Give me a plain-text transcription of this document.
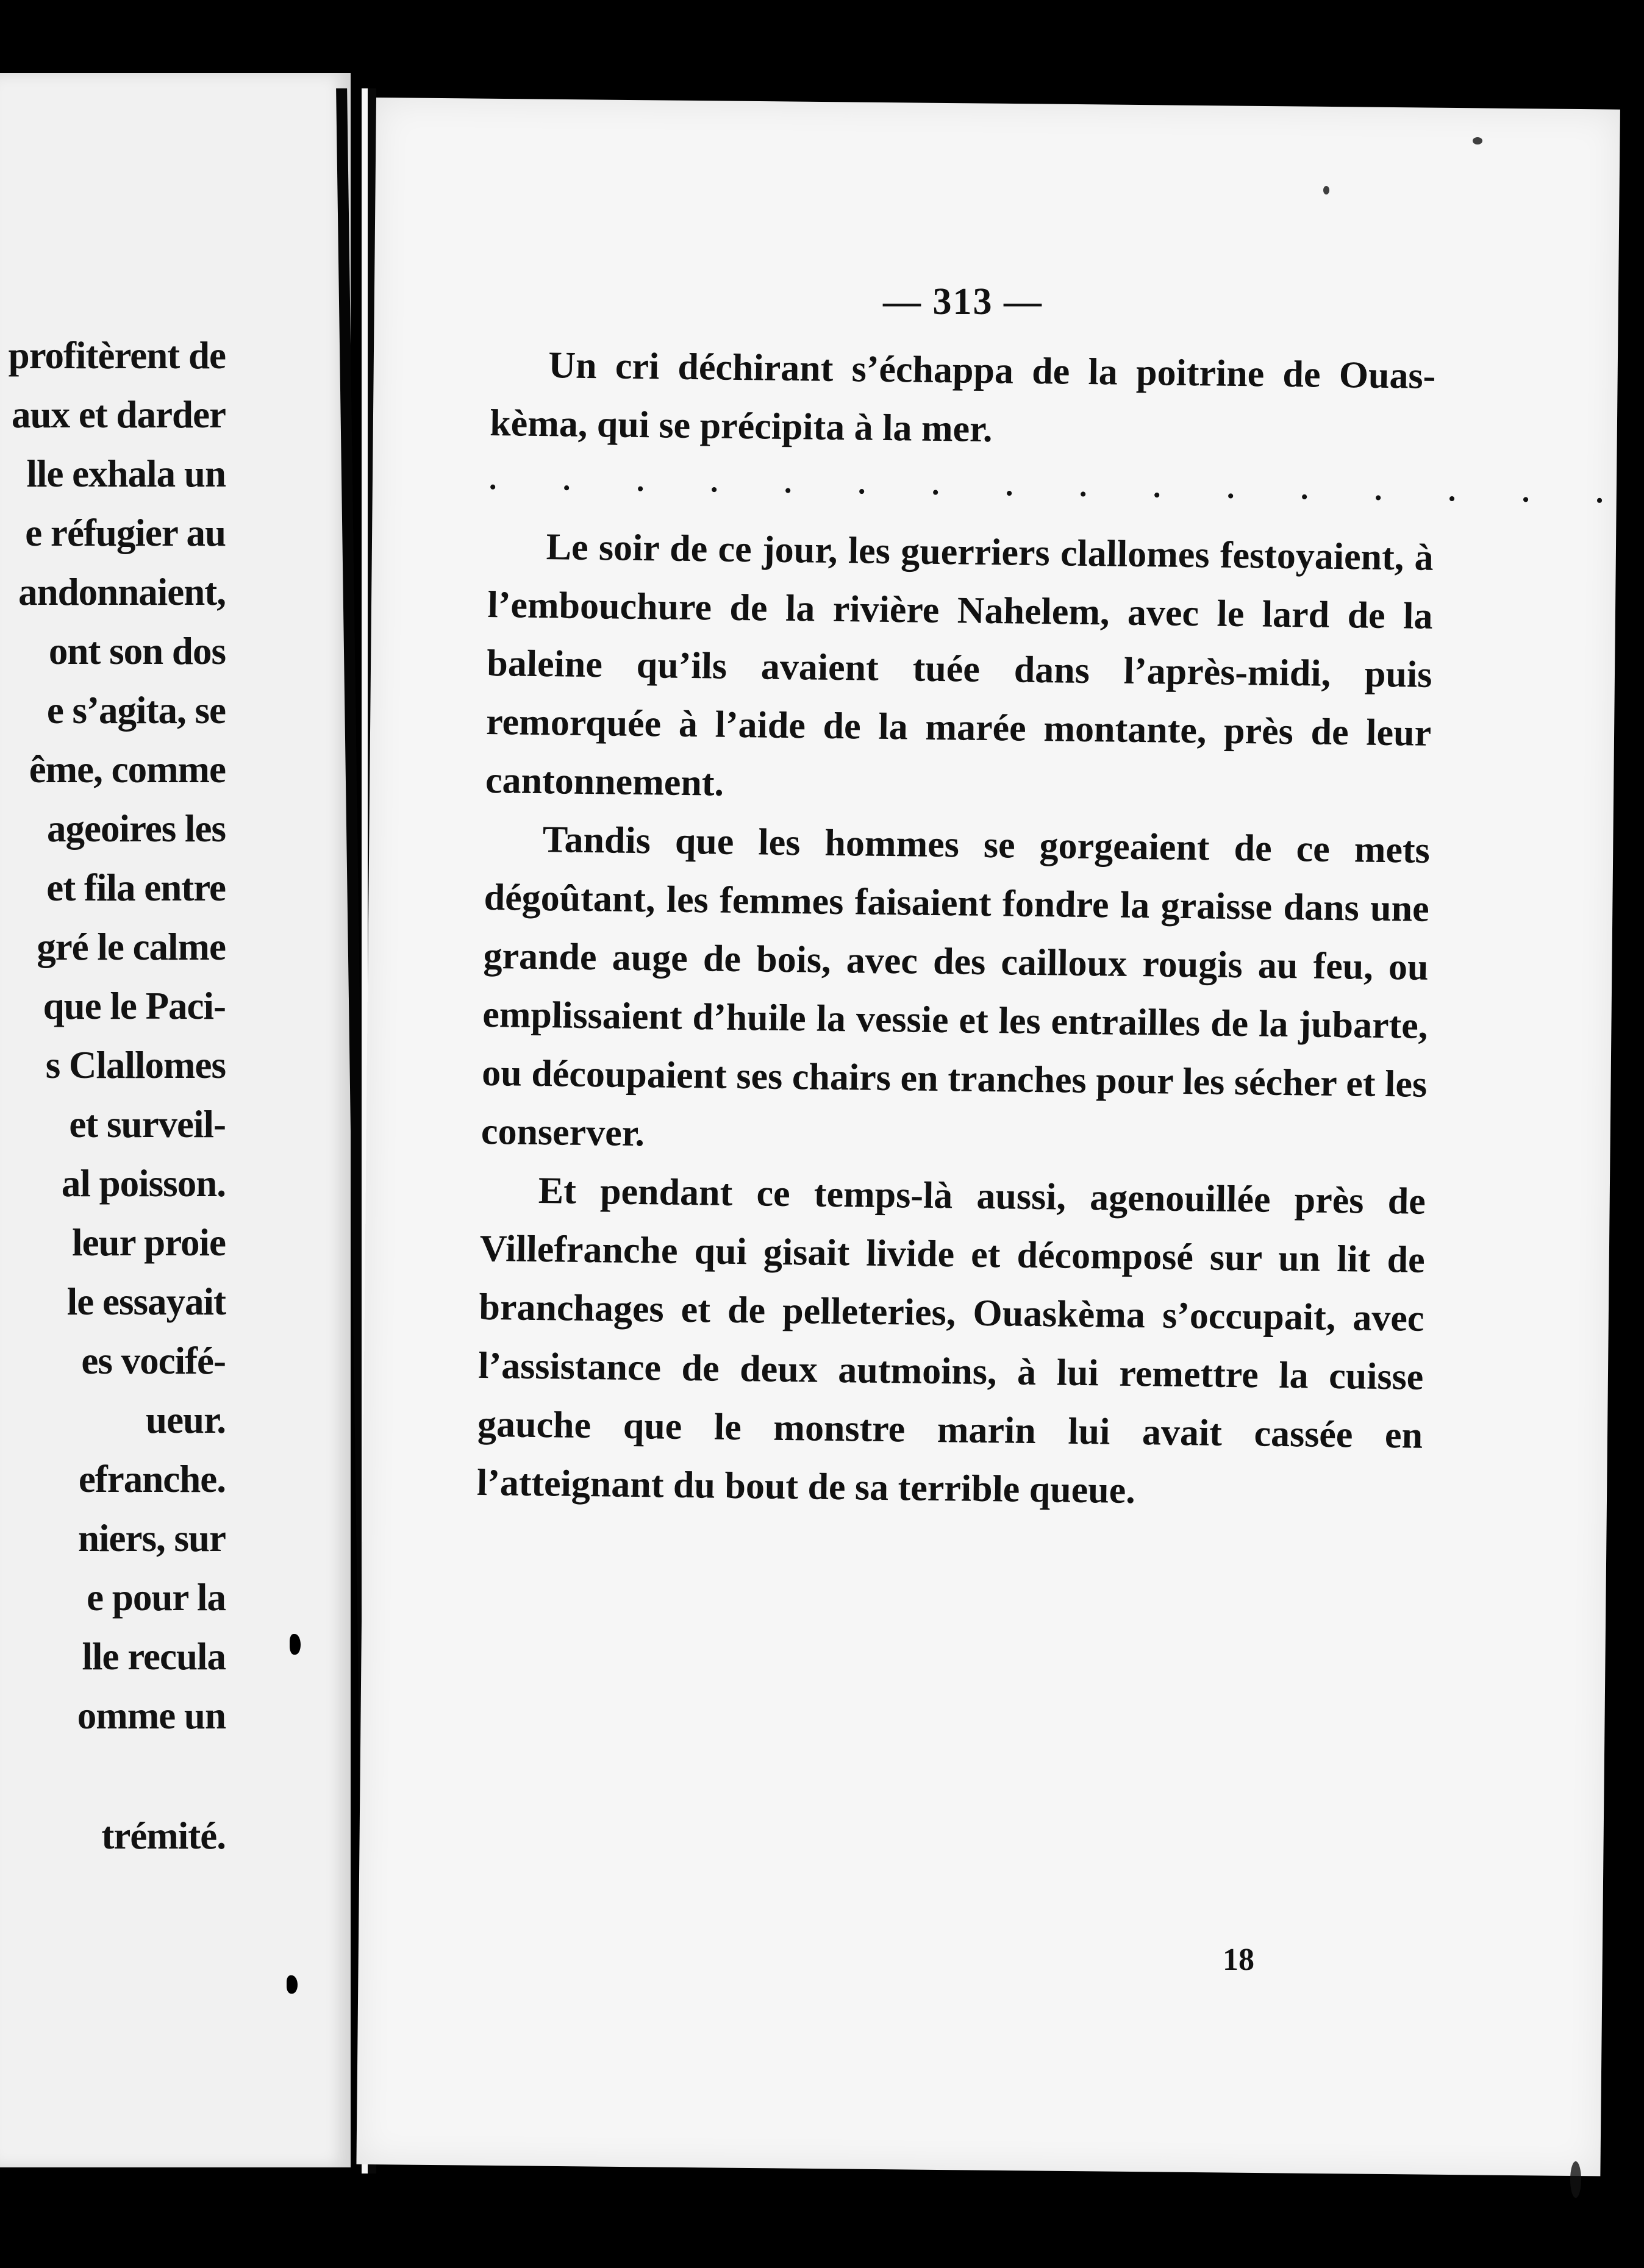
profitèrent de
aux et darder
lle exhala un
e réfugier au
andonnaient,
ont son dos
e s’agita, se
ême, comme
ageoires les
et fila entre
gré le calme
que le Paci-
s Clallomes
et surveil-
al poisson.
leur proie
le essayait
es vocifé-
ueur.
efranche.
niers, sur
e pour la
lle recula
omme un
trémité.
— 313 —

Un cri déchirant s’échappa de la poitrine de Ouas-kèma, qui se précipita à la mer.

. . . . . . . . . . . . . . . .

Le soir de ce jour, les guerriers clallomes festoyaient, à l’embouchure de la rivière Nahelem, avec le lard de la baleine qu’ils avaient tuée dans l’après-midi, puis remorquée à l’aide de la marée montante, près de leur cantonnement.

Tandis que les hommes se gorgeaient de ce mets dégoûtant, les femmes faisaient fondre la graisse dans une grande auge de bois, avec des cailloux rougis au feu, ou emplissaient d’huile la vessie et les entrailles de la jubarte, ou découpaient ses chairs en tranches pour les sécher et les conserver.

Et pendant ce temps-là aussi, agenouillée près de Villefranche qui gisait livide et décomposé sur un lit de branchages et de pelleteries, Ouaskèma s’occupait, avec l’assistance de deux autmoins, à lui remettre la cuisse gauche que le monstre marin lui avait cassée en l’atteignant du bout de sa terrible queue.

18
